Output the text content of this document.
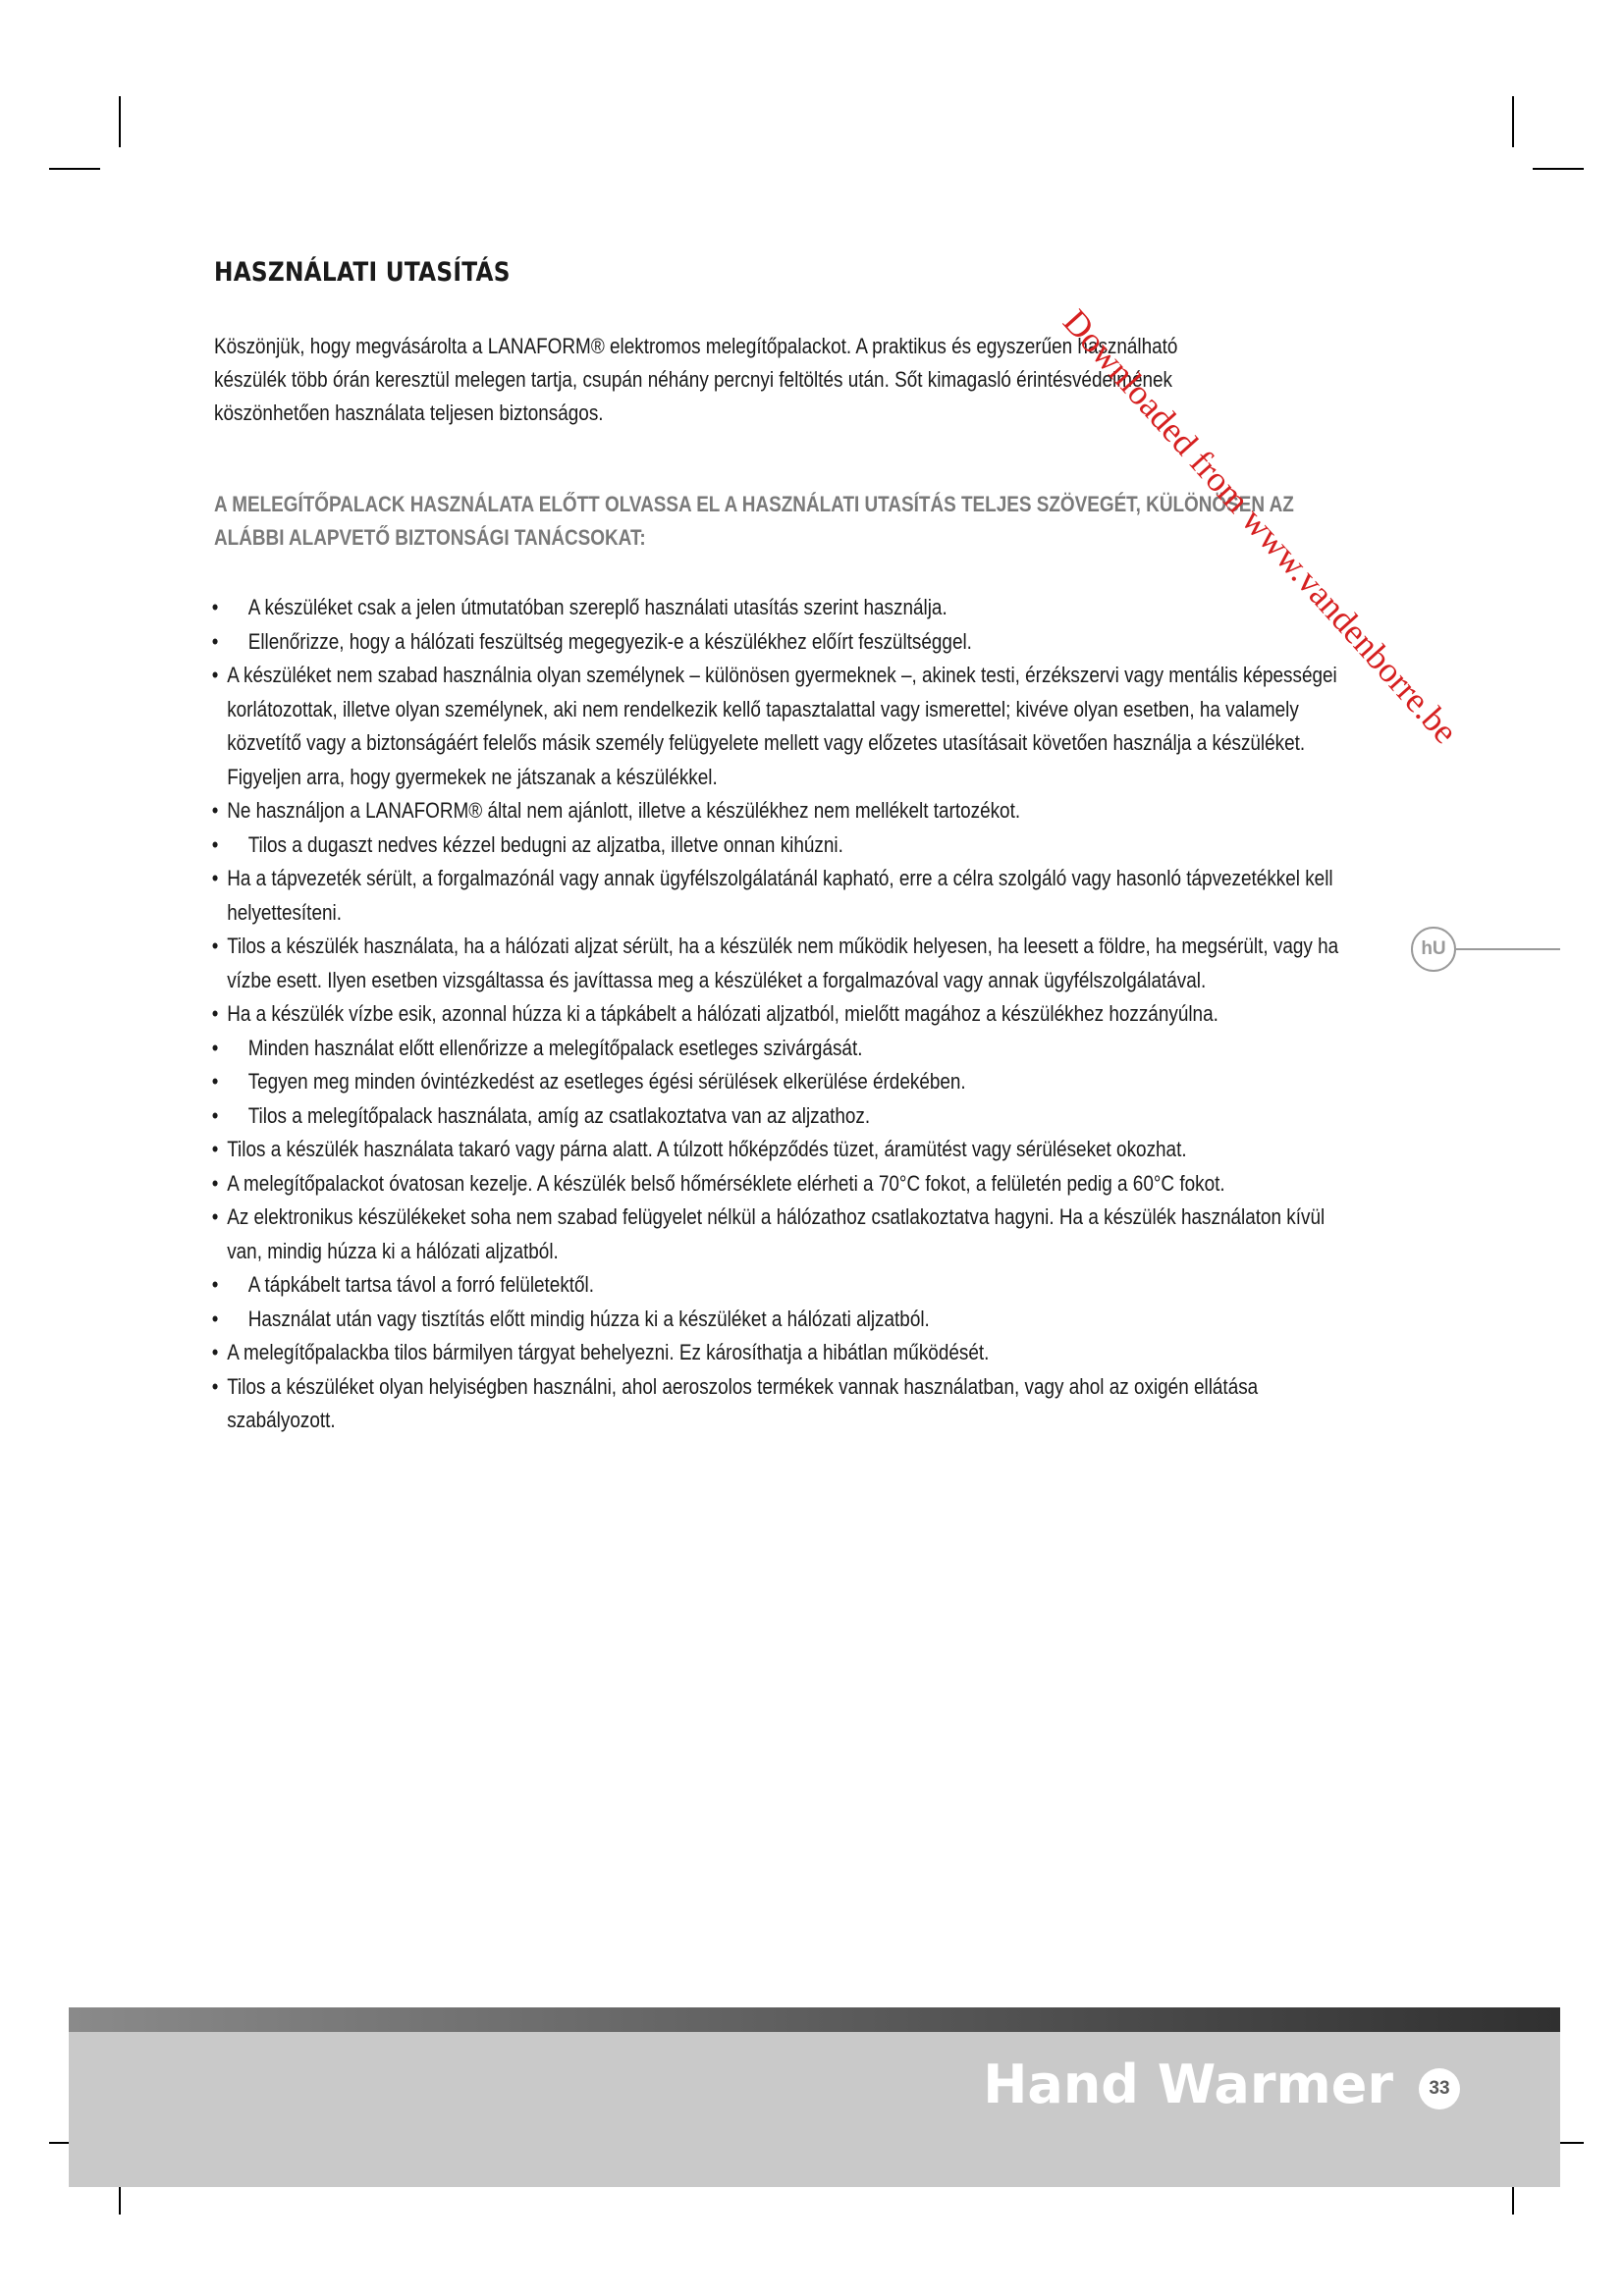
HASZNÁLATI UTASÍTÁS

Köszönjük, hogy megvásárolta a LANAFORM® elektromos melegítőpalackot. A praktikus és egyszerűen használható készülék több órán keresztül melegen tartja, csupán néhány percnyi feltöltés után. Sőt kimagasló érintésvédelmének köszönhetően használata teljesen biztonságos.

A MELEGÍTŐPALACK HASZNÁLATA ELŐTT OLVASSA EL A HASZNÁLATI UTASÍTÁS TELJES SZÖVEGÉT, KÜLÖNÖSEN AZ ALÁBBI ALAPVETŐ BIZTONSÁGI TANÁCSOKAT:

• A készüléket csak a jelen útmutatóban szereplő használati utasítás szerint használja.
• Ellenőrizze, hogy a hálózati feszültség megegyezik-e a készülékhez előírt feszültséggel.
• A készüléket nem szabad használnia olyan személynek – különösen gyermeknek –, akinek testi, érzékszervi vagy mentális képességei korlátozottak, illetve olyan személynek, aki nem rendelkezik kellő tapasztalattal vagy ismerettel; kivéve olyan esetben, ha valamely közvetítő vagy a biztonságáért felelős másik személy felügyelete mellett vagy előzetes utasításait követően használja a készüléket. Figyeljen arra, hogy gyermekek ne játszanak a készülékkel.
• Ne használjon a LANAFORM® által nem ajánlott, illetve a készülékhez nem mellékelt tartozékot.
• Tilos a dugaszt nedves kézzel bedugni az aljzatba, illetve onnan kihúzni.
• Ha a tápvezeték sérült, a forgalmazónál vagy annak ügyfélszolgálatánál kapható, erre a célra szolgáló vagy hasonló tápvezetékkel kell helyettesíteni.
• Tilos a készülék használata, ha a hálózati aljzat sérült, ha a készülék nem működik helyesen, ha leesett a földre, ha megsérült, vagy ha vízbe esett. Ilyen esetben vizsgáltassa és javíttassa meg a készüléket a forgalmazóval vagy annak ügyfélszolgálatával.
• Ha a készülék vízbe esik, azonnal húzza ki a tápkábelt a hálózati aljzatból, mielőtt magához a készülékhez hozzányúlna.
• Minden használat előtt ellenőrizze a melegítőpalack esetleges szivárgását.
• Tegyen meg minden óvintézkedést az esetleges égési sérülések elkerülése érdekében.
• Tilos a melegítőpalack használata, amíg az csatlakoztatva van az aljzathoz.
• Tilos a készülék használata takaró vagy párna alatt. A túlzott hőképződés tüzet, áramütést vagy sérüléseket okozhat.
• A melegítőpalackot óvatosan kezelje. A készülék belső hőmérséklete elérheti a 70°C fokot, a felületén pedig a 60°C fokot.
• Az elektronikus készülékeket soha nem szabad felügyelet nélkül a hálózathoz csatlakoztatva hagyni. Ha a készülék használaton kívül van, mindig húzza ki a hálózati aljzatból.
• A tápkábelt tartsa távol a forró felületektől.
• Használat után vagy tisztítás előtt mindig húzza ki a készüléket a hálózati aljzatból.
• A melegítőpalackba tilos bármilyen tárgyat behelyezni. Ez károsíthatja a hibátlan működését.
• Tilos a készüléket olyan helyiségben használni, ahol aeroszolos termékek vannak használatban, vagy ahol az oxigén ellátása szabályozott.
Downloaded from www.vandenborre.be
hU
Hand Warmer	33
